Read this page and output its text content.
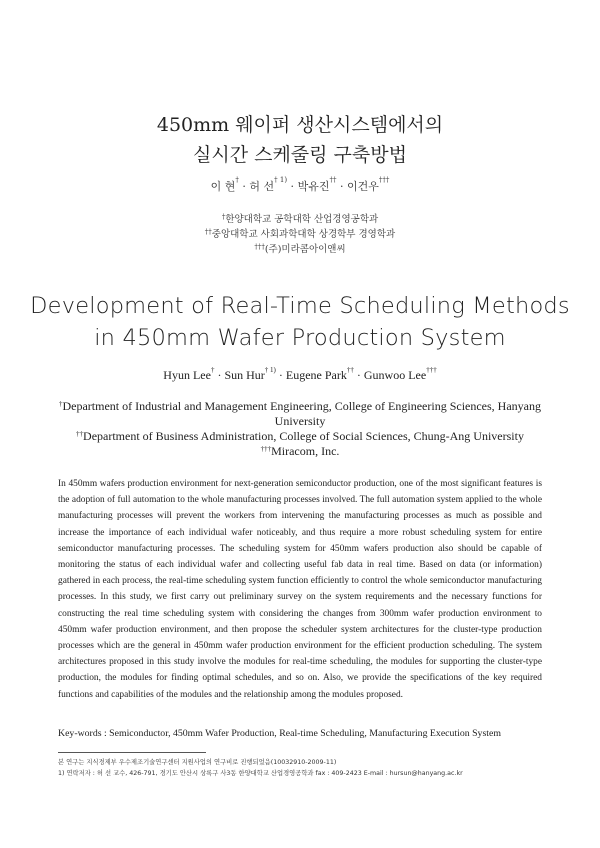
450mm 웨이퍼 생산시스템에서의
실시간 스케줄링 구축방법
이 현† · 허 선$^{\dagger 1)}$ · 박유진†† · 이건우†††
†한양대학교 공학대학 산업경영공학과
††중앙대학교 사회과학대학 상경학부 경영학과
†††(주)미라콤아이앤씨
Development of Real-Time Scheduling Methods
in 450mm Wafer Production System
Hyun Lee† · Sun Hur$^{\dagger 1)}$ · Eugene Park†† · Gunwoo Lee†††
†Department of Industrial and Management Engineering, College of Engineering Sciences, Hanyang University
††Department of Business Administration, College of Social Sciences, Chung-Ang University
†††Miracom, Inc.
In 450mm wafers production environment for next-generation semiconductor production, one of the most significant features is the adoption of full automation to the whole manufacturing processes involved. The full automation system applied to the whole manufacturing processes will prevent the workers from intervening the manufacturing processes as much as possible and increase the importance of each individual wafer noticeably, and thus require a more robust scheduling system for entire semiconductor manufacturing processes. The scheduling system for 450mm wafers production also should be capable of monitoring the status of each individual wafer and collecting useful fab data in real time. Based on data (or information) gathered in each process, the real-time scheduling system function efficiently to control the whole semiconductor manufacturing processes. In this study, we first carry out preliminary survey on the system requirements and the necessary functions for constructing the real time scheduling system with considering the changes from 300mm wafer production environment to 450mm wafer production environment, and then propose the scheduler system architectures for the cluster-type production processes which are the general in 450mm wafer production environment for the efficient production scheduling. The system architectures proposed in this study involve the modules for real-time scheduling, the modules for supporting the cluster-type production, the modules for finding optimal schedules, and so on. Also, we provide the specifications of the key required functions and capabilities of the modules and the relationship among the modules proposed.
Key-words : Semiconductor, 450mm Wafer Production, Real-time Scheduling, Manufacturing Execution System
본 연구는 지식경제부 우수제조기술연구센터 지원사업의 연구비로 진행되었음(10032910-2009-11)
1) 연락저자 : 허 선 교수, 426-791, 경기도 안산시 상록구 사3동 한양대학교 산업경영공학과 fax : 409-2423 E-mail : hursun@hanyang.ac.kr
